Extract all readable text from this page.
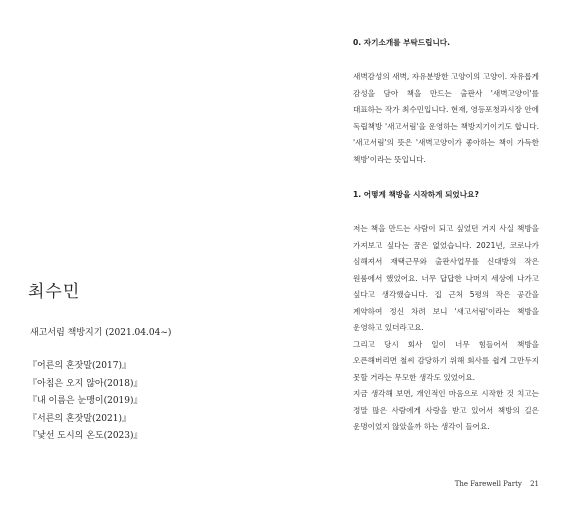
최수민

새고서림 책방지기 (2021.04.04~)

『어른의 혼잣말(2017)』
『아침은 오지 않아(2018)』
『내 이름은 눈맹이(2019)』
『서른의 혼잣말(2021)』
『낯선 도시의 온도(2023)』
0. 자기소개를 부탁드립니다.

새벽감성의 새벽, 자유분방한 고양이의 고양이. 자유롭게 감성을 담아 책을 만드는 출판사 '새벽고양이'를 대표하는 작가 최수민입니다. 현재, 영등포청과시장 안에 독립책방 '새고서림'을 운영하는 책방지기이기도 합니다. '새고서림'의 뜻은 '새벽고양이가 좋아하는 책이 가득한 책방'이라는 뜻입니다.

1. 어떻게 책방을 시작하게 되었나요?

저는 책을 만드는 사람이 되고 싶었던 거지 사실 책방을 가져보고 싶다는 꿈은 없었습니다. 2021년, 코로나가 심해져서 재택근무와 출판사업무를 신대방의 작은 원룸에서 했었어요. 너무 답답한 나머지 세상에 나가고 싶다고 생각했습니다. 집 근처 5평의 작은 공간을 계약하여 정신 차려 보니 '새고서림'이라는 책방을 운영하고 있더라고요.

그리고 당시 회사 일이 너무 힘들어서 책방을 오픈해버리면 철씨 감당하기 위해 회사를 쉽게 그만두지 못할 거라는 무모한 생각도 있었어요.

지금 생각해 보면, 개인적인 마음으로 시작한 것 치고는 정말 많은 사람에게 사랑을 받고 있어서 책방의 길은 운명이었지 않았을까 하는 생각이 들어요.

The Farewell Party 21
